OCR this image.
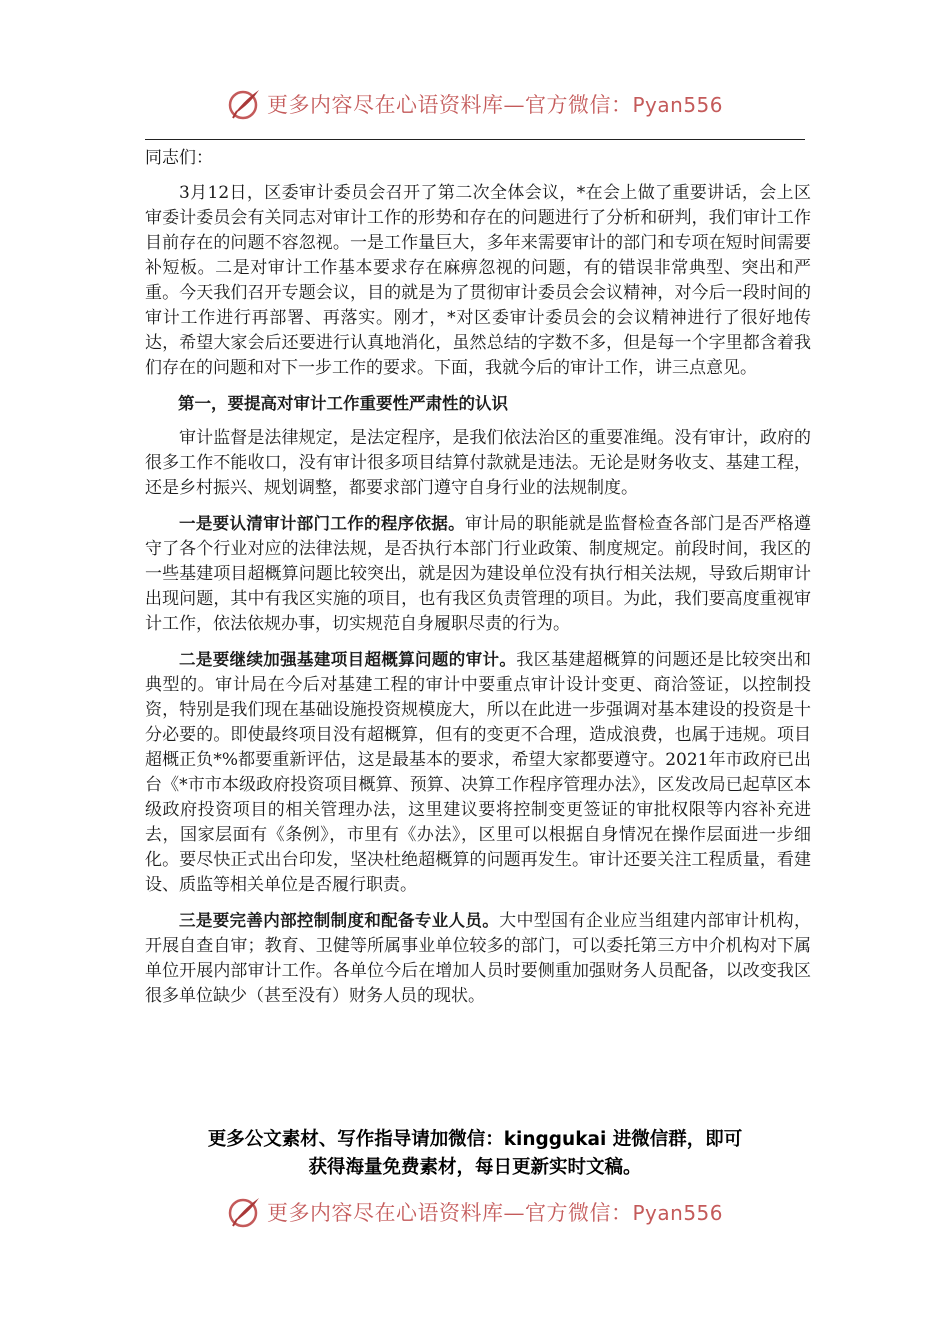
更多内容尽在心语资料库—官方微信：Pyan556

同志们：

3月12日，区委审计委员会召开了第二次全体会议，*在会上做了重要讲话，会上区审委计委员会有关同志对审计工作的形势和存在的问题进行了分析和研判，我们审计工作目前存在的问题不容忽视。一是工作量巨大，多年来需要审计的部门和专项在短时间需要补短板。二是对审计工作基本要求存在麻痹忽视的问题，有的错误非常典型、突出和严重。今天我们召开专题会议，目的就是为了贯彻审计委员会会议精神，对今后一段时间的审计工作进行再部署、再落实。刚才，*对区委审计委员会的会议精神进行了很好地传达，希望大家会后还要进行认真地消化，虽然总结的字数不多，但是每一个字里都含着我们存在的问题和对下一步工作的要求。下面，我就今后的审计工作，讲三点意见。

第一，要提高对审计工作重要性严肃性的认识

审计监督是法律规定，是法定程序，是我们依法治区的重要准绳。没有审计，政府的很多工作不能收口，没有审计很多项目结算付款就是违法。无论是财务收支、基建工程，还是乡村振兴、规划调整，都要求部门遵守自身行业的法规制度。

一是要认清审计部门工作的程序依据。审计局的职能就是监督检查各部门是否严格遵守了各个行业对应的法律法规，是否执行本部门行业政策、制度规定。前段时间，我区的一些基建项目超概算问题比较突出，就是因为建设单位没有执行相关法规，导致后期审计出现问题，其中有我区实施的项目，也有我区负责管理的项目。为此，我们要高度重视审计工作，依法依规办事，切实规范自身履职尽责的行为。

二是要继续加强基建项目超概算问题的审计。我区基建超概算的问题还是比较突出和典型的。审计局在今后对基建工程的审计中要重点审计设计变更、商洽签证，以控制投资，特别是我们现在基础设施投资规模庞大，所以在此进一步强调对基本建设的投资是十分必要的。即使最终项目没有超概算，但有的变更不合理，造成浪费，也属于违规。项目超概正负*%都要重新评估，这是最基本的要求，希望大家都要遵守。2021年市政府已出台《*市市本级政府投资项目概算、预算、决算工作程序管理办法》，区发改局已起草区本级政府投资项目的相关管理办法，这里建议要将控制变更签证的审批权限等内容补充进去，国家层面有《条例》，市里有《办法》，区里可以根据自身情况在操作层面进一步细化。要尽快正式出台印发，坚决杜绝超概算的问题再发生。审计还要关注工程质量，看建设、质监等相关单位是否履行职责。

三是要完善内部控制制度和配备专业人员。大中型国有企业应当组建内部审计机构，开展自查自审；教育、卫健等所属事业单位较多的部门，可以委托第三方中介机构对下属单位开展内部审计工作。各单位今后在增加人员时要侧重加强财务人员配备，以改变我区很多单位缺少（甚至没有）财务人员的现状。

更多公文素材、写作指导请加微信：kinggukai 进微信群，即可
获得海量免费素材，每日更新实时文稿。
更多内容尽在心语资料库—官方微信：Pyan556
